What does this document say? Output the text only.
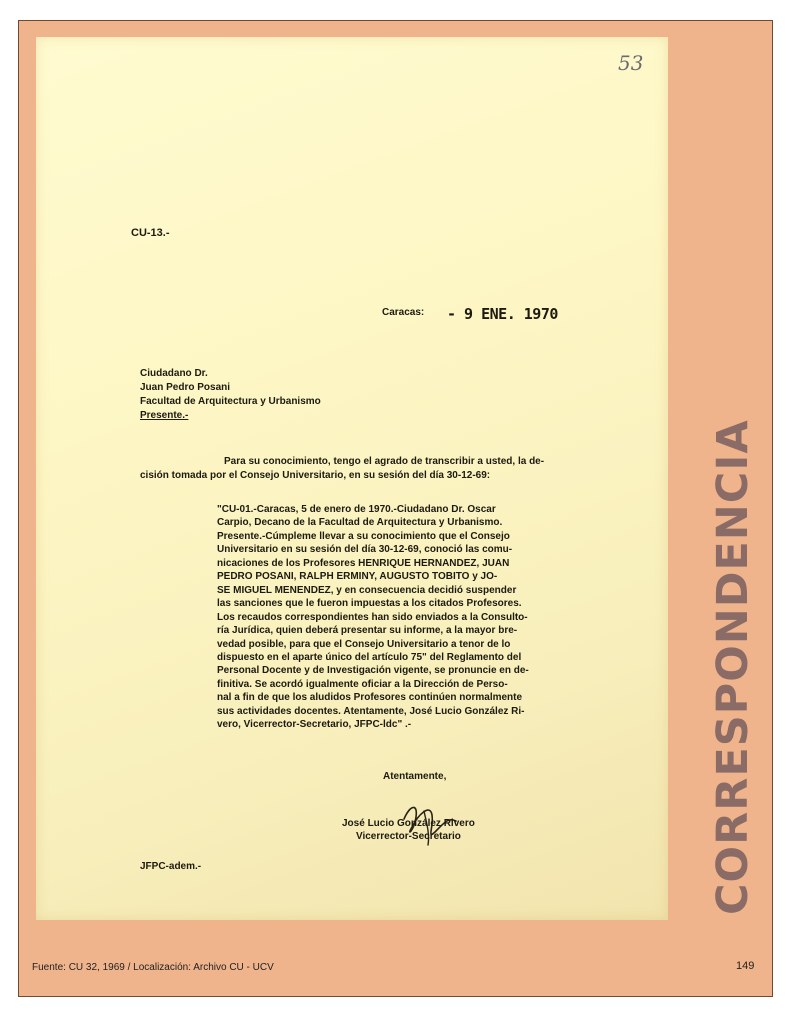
53
CU-13.-
Caracas: - 9 ENE. 1970
Ciudadano Dr.
Juan Pedro Posani
Facultad de Arquitectura y Urbanismo
Presente.-
Para su conocimiento, tengo el agrado de transcribir a usted, la de-
cisión tomada por el Consejo Universitario, en su sesión del día 30-12-69:
"CU-01.-Caracas, 5 de enero de 1970.-Ciudadano Dr. Oscar
Carpio, Decano de la Facultad de Arquitectura y Urbanismo.
Presente.-Cúmpleme llevar a su conocimiento que el Consejo
Universitario en su sesión del día 30-12-69, conoció las comu-
nicaciones de los Profesores HENRIQUE HERNANDEZ, JUAN
PEDRO POSANI, RALPH ERMINY, AUGUSTO TOBITO y JO-
SE MIGUEL MENENDEZ, y en consecuencia decidió suspender
las sanciones que le fueron impuestas a los citados Profesores.
Los recaudos correspondientes han sido enviados a la Consulto-
ría Jurídica, quien deberá presentar su informe, a la mayor bre-
vedad posible, para que el Consejo Universitario a tenor de lo
dispuesto en el aparte único del artículo 75" del Reglamento del
Personal Docente y de Investigación vigente, se pronuncie en de-
finitiva. Se acordó igualmente oficiar a la Dirección de Perso-
nal a fin de que los aludidos Profesores continúen normalmente
sus actividades docentes. Atentamente, José Lucio González Ri-
vero, Vicerrector-Secretario, JFPC-ldc" .-
Atentamente,
José Lucio González Rivero
Vicerrector-Secretario
JFPC-adem.-	CORRESPONDENCIA
Fuente: CU 32, 1969 / Localización: Archivo CU - UCV	149
